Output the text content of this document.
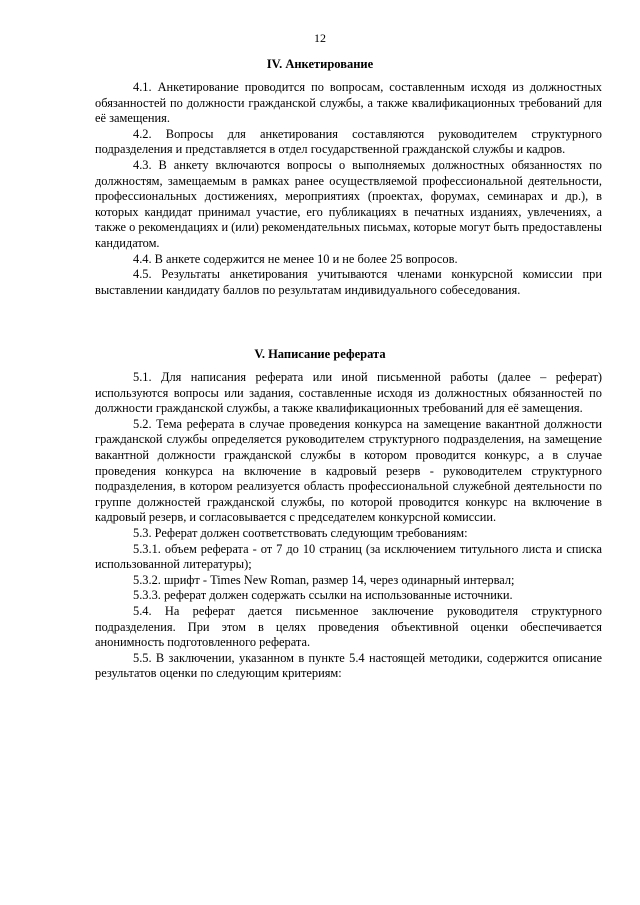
12
IV. Анкетирование

4.1. Анкетирование проводится по вопросам, составленным исходя из должностных обязанностей по должности гражданской службы, а также квалификационных требований для её замещения.

4.2. Вопросы для анкетирования составляются руководителем структурного подразделения и представляется в отдел государственной гражданской службы и кадров.

4.3. В анкету включаются вопросы о выполняемых должностных обязанностях по должностям, замещаемым в рамках ранее осуществляемой профессиональной деятельности, профессиональных достижениях, мероприятиях (проектах, форумах, семинарах и др.), в которых кандидат принимал участие, его публикациях в печатных изданиях, увлечениях, а также о рекомендациях и (или) рекомендательных письмах, которые могут быть предоставлены кандидатом.

4.4. В анкете содержится не менее 10 и не более 25 вопросов.

4.5. Результаты анкетирования учитываются членами конкурсной комиссии при выставлении кандидату баллов по результатам индивидуального собеседования.

V. Написание реферата

5.1. Для написания реферата или иной письменной работы (далее – реферат) используются вопросы или задания, составленные исходя из должностных обязанностей по должности гражданской службы, а также квалификационных требований для её замещения.

5.2. Тема реферата в случае проведения конкурса на замещение вакантной должности гражданской службы определяется руководителем структурного подразделения, на замещение вакантной должности гражданской службы в котором проводится конкурс, а в случае проведения конкурса на включение в кадровый резерв - руководителем структурного подразделения, в котором реализуется область профессиональной служебной деятельности по группе должностей гражданской службы, по которой проводится конкурс на включение в кадровый резерв, и согласовывается с председателем конкурсной комиссии.

5.3. Реферат должен соответствовать следующим требованиям:

5.3.1. объем реферата - от 7 до 10 страниц (за исключением титульного листа и списка использованной литературы);

5.3.2. шрифт - Times New Roman, размер 14, через одинарный интервал;

5.3.3. реферат должен содержать ссылки на использованные источники.

5.4. На реферат дается письменное заключение руководителя структурного подразделения. При этом в целях проведения объективной оценки обеспечивается анонимность подготовленного реферата.

5.5. В заключении, указанном в пункте 5.4 настоящей методики, содержится описание результатов оценки по следующим критериям:
